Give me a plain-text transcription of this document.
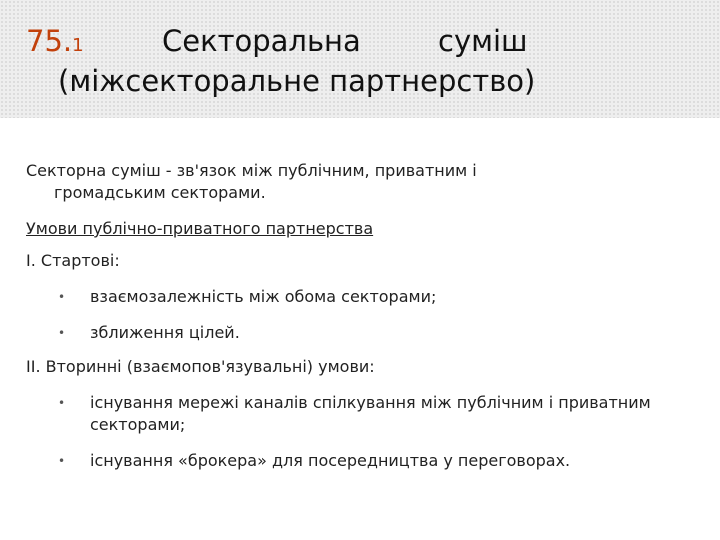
75.1	Секторальна	суміш
(міжсекторальне партнерство)

Секторна суміш - зв'язок між публічним, приватним і
громадським секторами.

Умови публічно-приватного партнерства
I. Стартові:
• взаємозалежність між обома секторами;
• зближення цілей.
II. Вторинні (взаємопов'язувальні) умови:
• існування мережі каналів спілкування між публічним і приватним секторами;
• існування «брокера» для посередництва у переговорах.
